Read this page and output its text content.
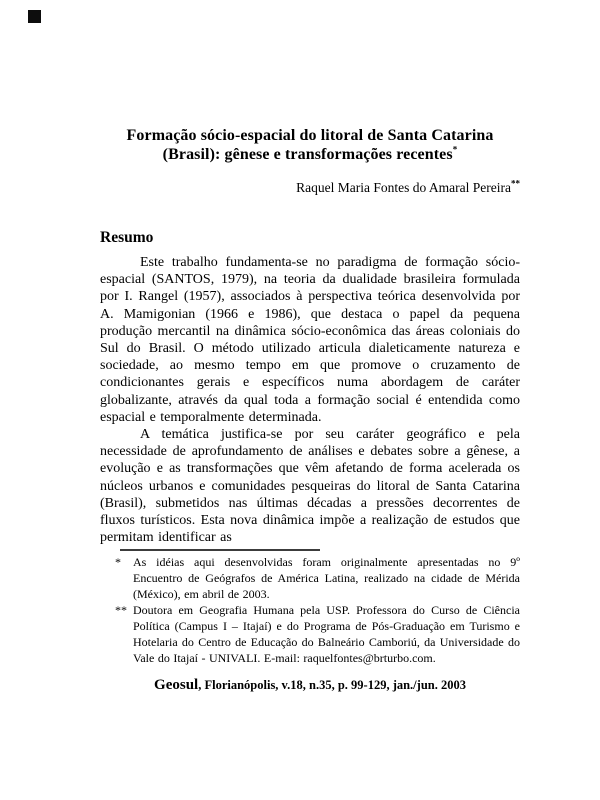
Formação sócio-espacial do litoral de Santa Catarina
(Brasil): gênese e transformações recentes*
Raquel Maria Fontes do Amaral Pereira**
Resumo

Este trabalho fundamenta-se no paradigma de formação sócio-espacial (SANTOS, 1979), na teoria da dualidade brasileira formulada por I. Rangel (1957), associados à perspectiva teórica desenvolvida por A. Mamigonian (1966 e 1986), que destaca o papel da pequena produção mercantil na dinâmica sócio-econômica das áreas coloniais do Sul do Brasil. O método utilizado articula dialeticamente natureza e sociedade, ao mesmo tempo em que promove o cruzamento de condicionantes gerais e específicos numa abordagem de caráter globalizante, através da qual toda a formação social é entendida como espacial e temporalmente determinada.

A temática justifica-se por seu caráter geográfico e pela necessidade de aprofundamento de análises e debates sobre a gênese, a evolução e as transformações que vêm afetando de forma acelerada os núcleos urbanos e comunidades pesqueiras do litoral de Santa Catarina (Brasil), submetidos nas últimas décadas a pressões decorrentes de fluxos turísticos. Esta nova dinâmica impõe a realização de estudos que permitam identificar as

*	As idéias aqui desenvolvidas foram originalmente apresentadas no 9º Encuentro de Geógrafos de América Latina, realizado na cidade de Mérida (México), em abril de 2003.
** Doutora em Geografia Humana pela USP. Professora do Curso de Ciência Política (Campus I – Itajaí) e do Programa de Pós-Graduação em Turismo e Hotelaria do Centro de Educação do Balneário Camboriú, da Universidade do Vale do Itajaí - UNIVALI. E-mail: raquelfontes@brturbo.com.
Geosul, Florianópolis, v.18, n.35, p. 99-129, jan./jun. 2003
